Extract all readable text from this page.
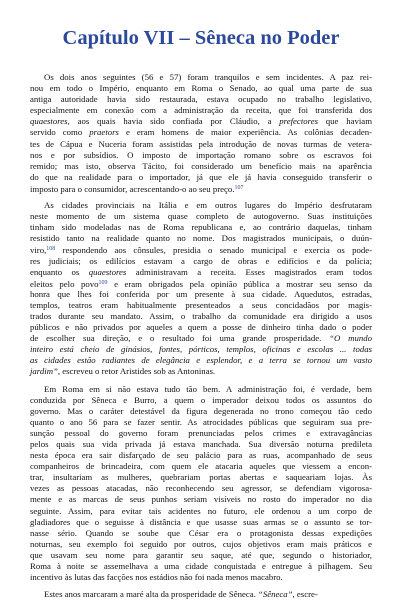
Capítulo VII – Sêneca no Poder
Os dois anos seguintes (56 e 57) foram tranquilos e sem incidentes. A paz rei-
nou em todo o Império, enquanto em Roma o Senado, ao qual uma parte de sua
antiga autoridade havia sido restaurada, estava ocupado no trabalho legislativo,
especialmente em conexão com a administração da receita, que foi transferida dos
quaestores, aos quais havia sido confiada por Cláudio, a prefectores que haviam
servido como praetors e eram homens de maior experiência. As colônias decaden-
tes de Cápua e Nuceria foram assistidas pela introdução de novas turmas de vetera-
nos e por subsídios. O imposto de importação romano sobre os escravos foi
remido; mas isto, observa Tácito, foi considerado um benefício mais na aparência
do que na realidade para o importador, já que ele já havia conseguido transferir o
imposto para o consumidor, acrescentando-o ao seu preço.$^{107}$
As cidades provinciais na Itália e em outros lugares do Império desfrutaram
neste momento de um sistema quase completo de autogoverno. Suas instituições
tinham sido modeladas nas de Roma republicana e, ao contrário daquelas, tinham
resistido tanto na realidade quanto no nome. Dos magistrados municipais, o duún-
viro,$^{108}$ respondendo aos cônsules, presidia o senado municipal e exercia os pode-
res judiciais; os edilícios estavam a cargo de obras e edifícios e da polícia;
enquanto os quaestores administravam a receita. Esses magistrados eram todos
eleitos pelo povo$^{109}$ e eram obrigados pela opinião pública a mostrar seu senso da
honra que lhes foi conferida por um presente à sua cidade. Aquedutos, estradas,
templos, teatros eram habitualmente presenteados a seus concidadãos por magis-
trados durante seu mandato. Assim, o trabalho da comunidade era dirigido a usos
públicos e não privados por aqueles a quem a posse de dinheiro tinha dado o poder
de escolher sua direção, e o resultado foi uma grande prosperidade. “O mundo
inteiro está cheio de ginásios, fontes, pórticos, templos, oficinas e escolas ... todas
as cidades estão radiantes de elegância e esplendor, e a terra se tornou um vasto
jardim”, escreveu o retor Aristides sob as Antoninas.
Em Roma em si não estava tudo tão bem. A administração foi, é verdade, bem
conduzida por Sêneca e Burro, a quem o imperador deixou todos os assuntos do
governo. Mas o caráter detestável da figura degenerada no trono começou tão cedo
quanto o ano 56 para se fazer sentir. As atrocidades públicas que seguiram sua pre-
sunção pessoal do governo foram prenunciadas pelos crimes e extravagâncias
pelos quais sua vida privada já estava manchada. Sua diversão noturna predileta
nesta época era sair disfarçado de seu palácio para as ruas, acompanhado de seus
companheiros de brincadeira, com quem ele atacaria aqueles que viessem a encon-
trar, insultariam as mulheres, quebrariam portas abertas e saqueariam lojas. Às
vezes as pessoas atacadas, não reconhecendo seu agressor, se defendiam vigorosa-
mente e as marcas de seus punhos seriam visíveis no rosto do imperador no dia
seguinte. Assim, para evitar tais acidentes no futuro, ele ordenou a um corpo de
gladiadores que o seguisse à distância e que usasse suas armas se o assunto se tor-
nasse sério. Quando se soube que César era o protagonista dessas expedições
noturnas, seu exemplo foi seguido por outros, cujos objetivos eram mais práticos e
que usavam seu nome para garantir seu saque, até que, segundo o historiador,
Roma à noite se assemelhava a uma cidade conquistada e entregue à pilhagem. Seu
incentivo às lutas das facções nos estádios não foi nada menos macabro.
Estes anos marcaram a maré alta da prosperidade de Sêneca. “Sêneca”, escre-
